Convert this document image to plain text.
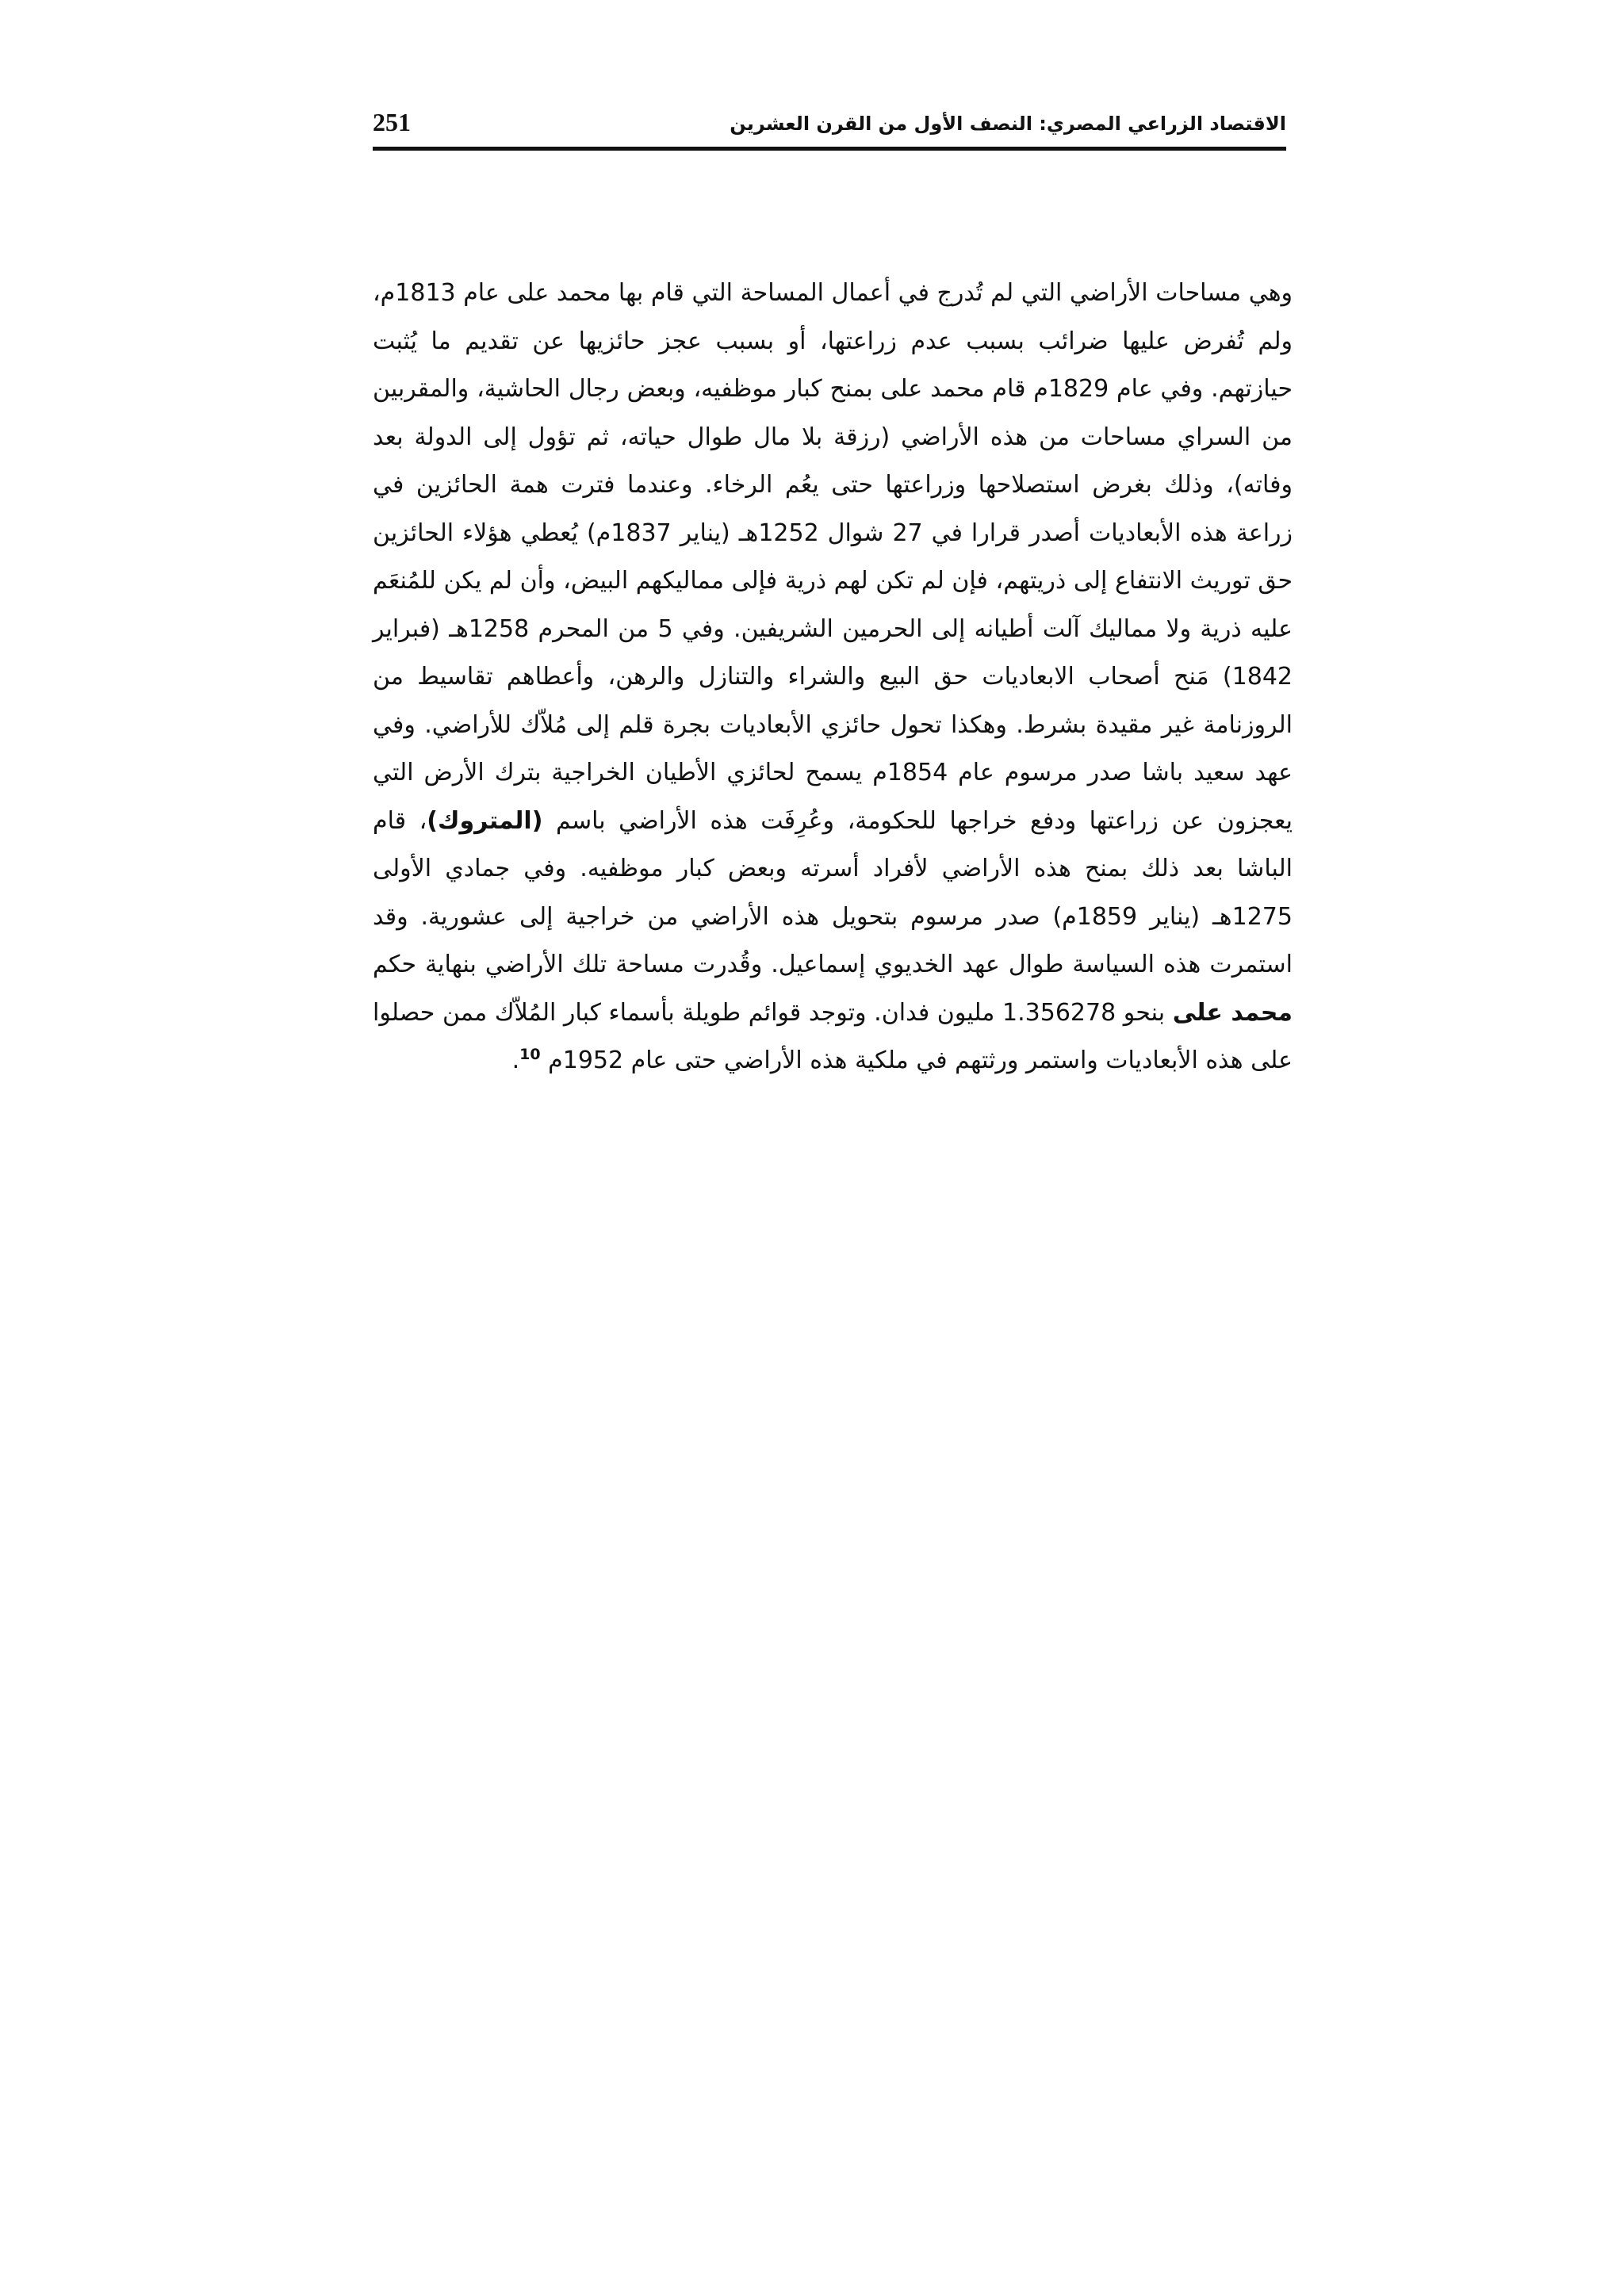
الاقتصاد الزراعي المصري: النصف الأول من القرن العشرين
251

وهي مساحات الأراضي التي لم تُدرج في أعمال المساحة التي قام بها محمد على عام 1813م، ولم تُفرض عليها ضرائب بسبب عدم زراعتها، أو بسبب عجز حائزيها عن تقديم ما يُثبت حيازتهم. وفي عام 1829م قام محمد على بمنح كبار موظفيه، وبعض رجال الحاشية، والمقربين من السراي مساحات من هذه الأراضي (رزقة بلا مال طوال حياته، ثم تؤول إلى الدولة بعد وفاته)، وذلك بغرض استصلاحها وزراعتها حتى يعُم الرخاء. وعندما فترت همة الحائزين في زراعة هذه الأبعاديات أصدر قرارا في 27 شوال 1252هـ (يناير 1837م) يُعطي هؤلاء الحائزين حق توريث الانتفاع إلى ذريتهم، فإن لم تكن لهم ذرية فإلى مماليكهم البيض، وأن لم يكن للمُنعَم عليه ذرية ولا مماليك آلت أطيانه إلى الحرمين الشريفين. وفي 5 من المحرم 1258هـ (فبراير 1842) مَنح أصحاب الابعاديات حق البيع والشراء والتنازل والرهن، وأعطاهم تقاسيط من الروزنامة غير مقيدة بشرط. وهكذا تحول حائزي الأبعاديات بجرة قلم إلى مُلاّك للأراضي. وفي عهد سعيد باشا صدر مرسوم عام 1854م يسمح لحائزي الأطيان الخراجية بترك الأرض التي يعجزون عن زراعتها ودفع خراجها للحكومة، وعُرِفَت هذه الأراضي باسم (المتروك)، قام الباشا بعد ذلك بمنح هذه الأراضي لأفراد أسرته وبعض كبار موظفيه. وفي جمادي الأولى 1275هـ (يناير 1859م) صدر مرسوم بتحويل هذه الأراضي من خراجية إلى عشورية. وقد استمرت هذه السياسة طوال عهد الخديوي إسماعيل. وقُدرت مساحة تلك الأراضي بنهاية حكم محمد على بنحو 1.356278 مليون فدان. وتوجد قوائم طويلة بأسماء كبار المُلاّك ممن حصلوا على هذه الأبعاديات واستمر ورثتهم في ملكية هذه الأراضي حتى عام 1952م $^{10}$.
